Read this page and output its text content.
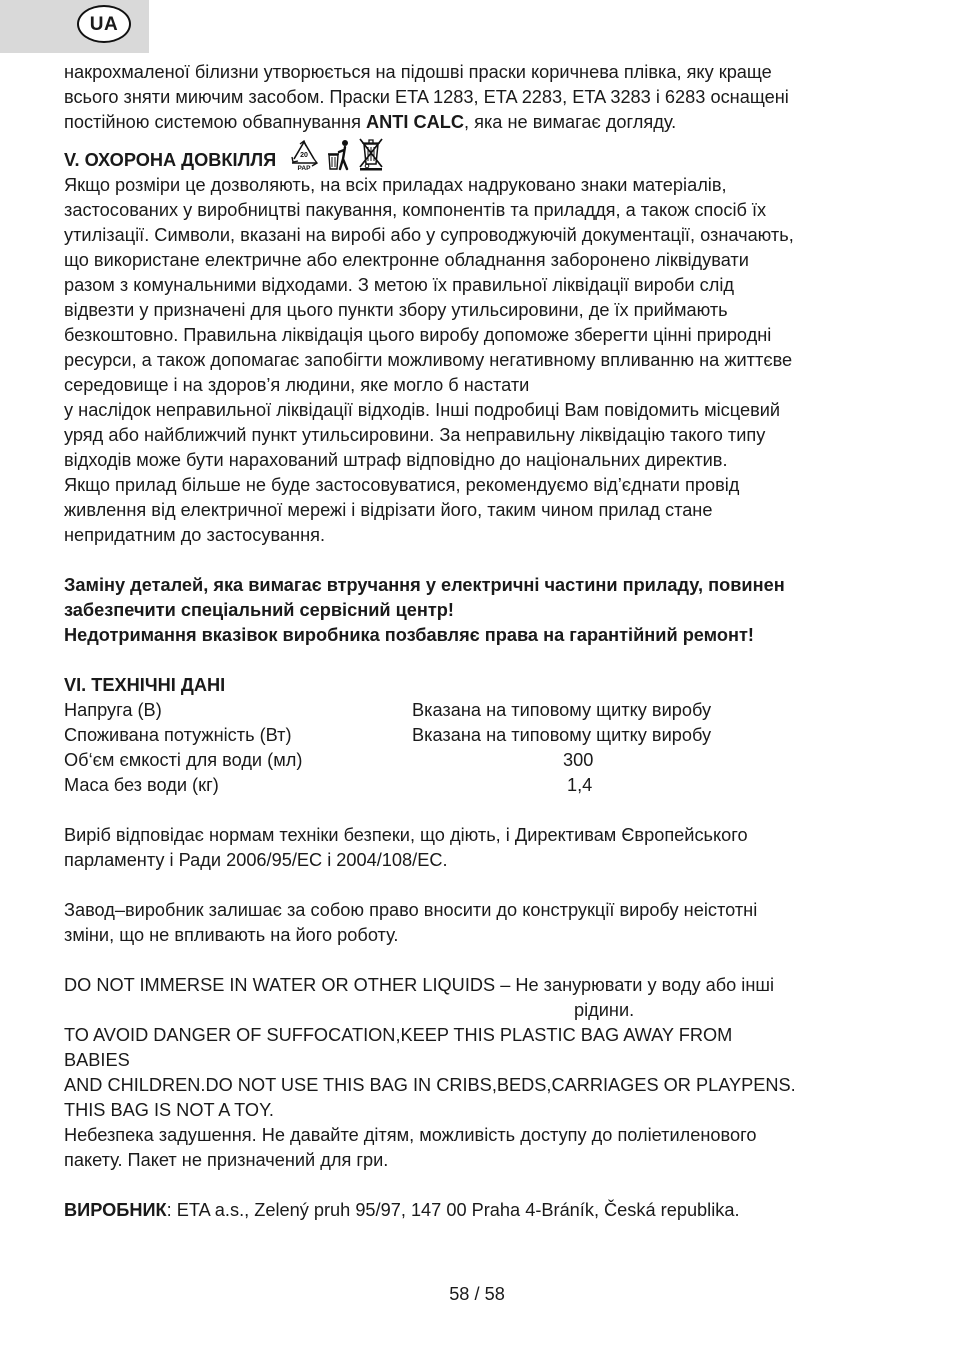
UA

накрохмаленої білизни утворюється на підошві праски коричнева плівка, яку краще

всього зняти миючим засобом. Праски ETA 1283, ETA 2283, ETA 3283 і 6283 оснащені

постійною системою обвапнування ANTI CALC, яка не вимагає догляду.

V. ОХОРОНА ДОВКІЛЛЯ	20
PAP

Якщо розміри це дозволяють, на всіх приладах надруковано знаки матеріалів,

застосованих у виробництві пакування, компонентів та приладдя, а також спосіб їх

утилізації. Символи, вказані на виробі або у супроводжуючій документації, означають,

що використане електричне або електронне обладнання заборонено ліквідувати

разом з комунальними відходами. З метою їх правильної ліквідації вироби слід

відвезти у призначені для цього пункти збору утильсировини, де їх приймають

безкоштовно. Правильна ліквідація цього виробу допоможе зберегти цінні природні

ресурси, а також допомагає запобігти можливому негативному впливанню на життєве

середовище і на здоров’я людини, яке могло б настати

у наслідок неправильної ліквідації відходів. Інші подробиці Вам повідомить місцевий

уряд або найближчий пункт утильсировини. За неправильну ліквідацію такого типу

відходів може бути нарахований штраф відповідно до національних директив.

Якщо прилад більше не буде застосовуватися, рекомендуємо від’єднати провід

живлення від електричної мережі і відрізати його, таким чином прилад стане

непридатним до застосування.

Заміну деталей, яка вимагає втручання у електричні частини приладу, повинен

забезпечити спеціальний сервісний центр!

Недотримання вказівок виробника позбавляє права на гарантійний ремонт!

VI. ТЕХНІЧНІ ДАНІ

Напруга (В)	Вказана на типовому щитку виробу
Споживана потужність (Вт)	Вказана на типовому щитку виробу
Об‘єм ємкості для води (мл)	300
Маса без води (кг)	1,4

Виріб відповідає нормам техніки безпеки, що діють, і Директивам Європейського

парламенту і Ради 2006/95/EC і 2004/108/EC.

Завод–виробник залишає за собою право вносити до конструкції виробу неістотні

зміни, що не впливають на його роботу.

DO NOT IMMERSE IN WATER OR OTHER LIQUIDS – Не занурювати у воду або інші

рідини.

TO AVOID DANGER OF SUFFOCATION,KEEP THIS PLASTIC BAG AWAY FROM

BABIES

AND CHILDREN.DO NOT USE THIS BAG IN CRIBS,BEDS,CARRIAGES OR PLAYPENS.

THIS BAG IS NOT A TOY.

Небезпека задушення. Не давайте дітям, можливість доступу до поліетиленового

пакету. Пакет не призначений для гри.

ВИРОБНИК: ETA a.s., Zelený pruh 95/97, 147 00 Praha 4-Bráník, Česká republika.

58 / 58
